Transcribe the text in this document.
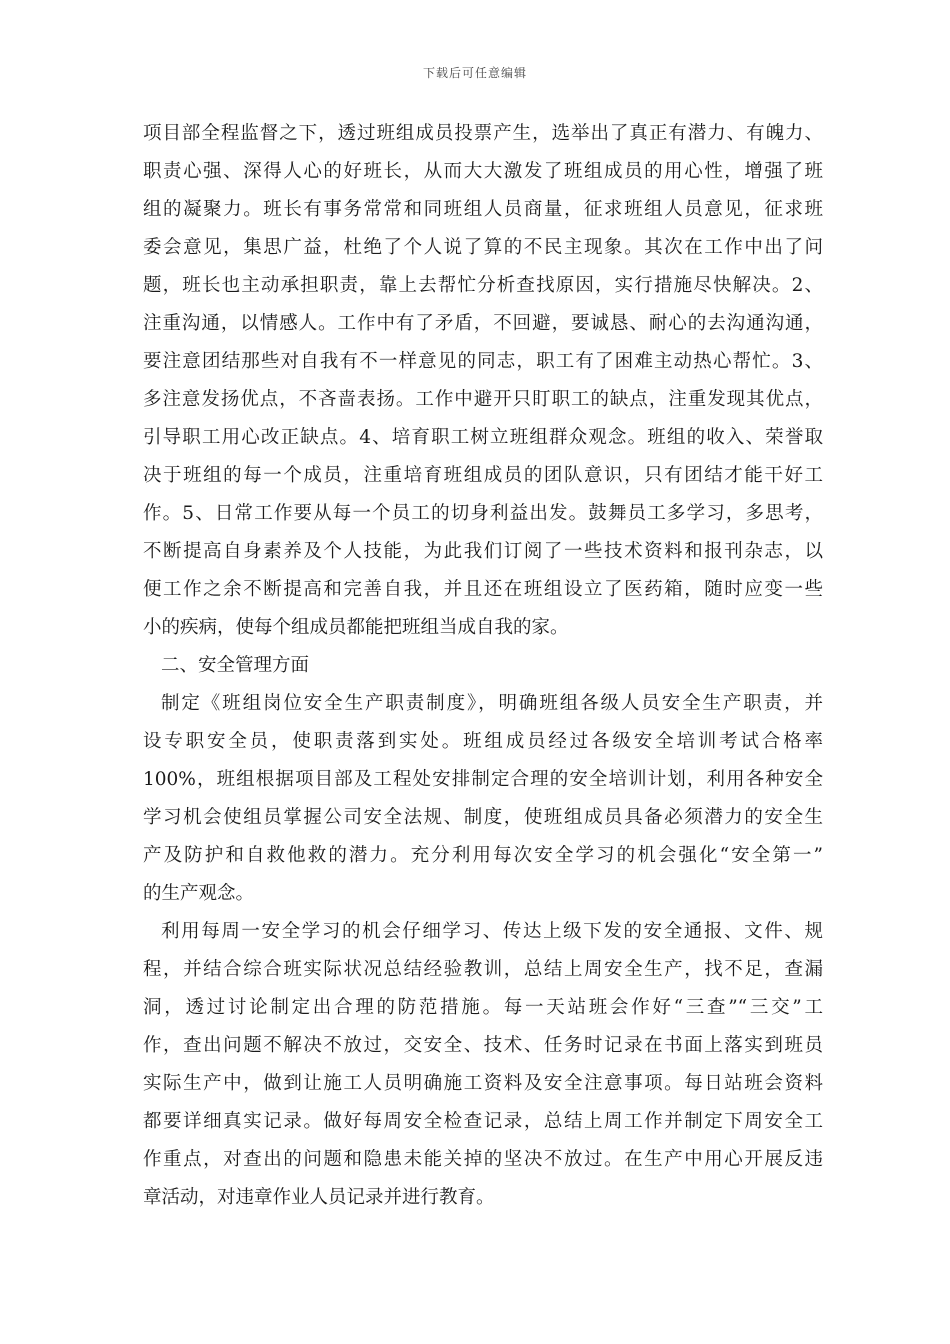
下载后可任意编辑
项目部全程监督之下，透过班组成员投票产生，选举出了真正有潜力、有魄力、
职责心强、深得人心的好班长，从而大大激发了班组成员的用心性，增强了班
组的凝聚力。班长有事务常常和同班组人员商量，征求班组人员意见，征求班
委会意见，集思广益，杜绝了个人说了算的不民主现象。其次在工作中出了问
题，班长也主动承担职责，靠上去帮忙分析查找原因，实行措施尽快解决。2、
注重沟通，以情感人。工作中有了矛盾，不回避，要诚恳、耐心的去沟通沟通，
要注意团结那些对自我有不一样意见的同志，职工有了困难主动热心帮忙。3、
多注意发扬优点，不吝啬表扬。工作中避开只盯职工的缺点，注重发现其优点，
引导职工用心改正缺点。4、培育职工树立班组群众观念。班组的收入、荣誉取
决于班组的每一个成员，注重培育班组成员的团队意识，只有团结才能干好工
作。5、日常工作要从每一个员工的切身利益出发。鼓舞员工多学习，多思考，
不断提高自身素养及个人技能，为此我们订阅了一些技术资料和报刊杂志，以
便工作之余不断提高和完善自我，并且还在班组设立了医药箱，随时应变一些
小的疾病，使每个组成员都能把班组当成自我的家。
二、安全管理方面
制定《班组岗位安全生产职责制度》，明确班组各级人员安全生产职责，并
设专职安全员，使职责落到实处。班组成员经过各级安全培训考试合格率
100%，班组根据项目部及工程处安排制定合理的安全培训计划，利用各种安全
学习机会使组员掌握公司安全法规、制度，使班组成员具备必须潜力的安全生
产及防护和自救他救的潜力。充分利用每次安全学习的机会强化“安全第一”
的生产观念。
利用每周一安全学习的机会仔细学习、传达上级下发的安全通报、文件、规
程，并结合综合班实际状况总结经验教训，总结上周安全生产，找不足，查漏
洞，透过讨论制定出合理的防范措施。每一天站班会作好“三查”“三交”工
作，查出问题不解决不放过，交安全、技术、任务时记录在书面上落实到班员
实际生产中，做到让施工人员明确施工资料及安全注意事项。每日站班会资料
都要详细真实记录。做好每周安全检查记录，总结上周工作并制定下周安全工
作重点，对查出的问题和隐患未能关掉的坚决不放过。在生产中用心开展反违
章活动，对违章作业人员记录并进行教育。
